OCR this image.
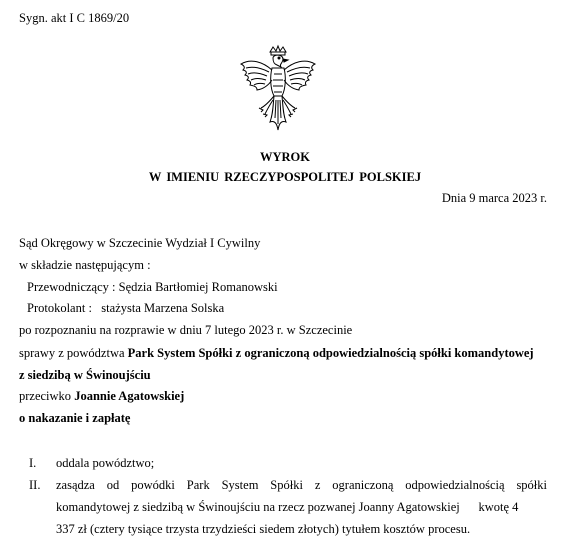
Sygn. akt I C 1869/20
WYROK
W IMIENIU RZECZYPOSPOLITEJ POLSKIEJ
Dnia 9 marca 2023 r.
Sąd Okręgowy w Szczecinie Wydział I Cywilny
w składzie następującym :
Przewodniczący : Sędzia Bartłomiej Romanowski
Protokolant :   stażysta Marzena Solska
po rozpoznaniu na rozprawie w dniu 7 lutego 2023 r. w Szczecinie
sprawy z powództwa Park System Spółki z ograniczoną odpowiedzialnością spółki komandytowej
z siedzibą w Świnoujściu
przeciwko Joannie Agatowskiej
o nakazanie i zapłatę
I. oddala powództwo;
II. zasądza od powódki Park System Spółki z ograniczoną odpowiedzialnością spółki
komandytowej z siedzibą w Świnoujściu na rzecz pozwanej Joanny Agatowskiej      kwotę 4
337 zł (cztery tysiące trzysta trzydzieści siedem złotych) tytułem kosztów procesu.
